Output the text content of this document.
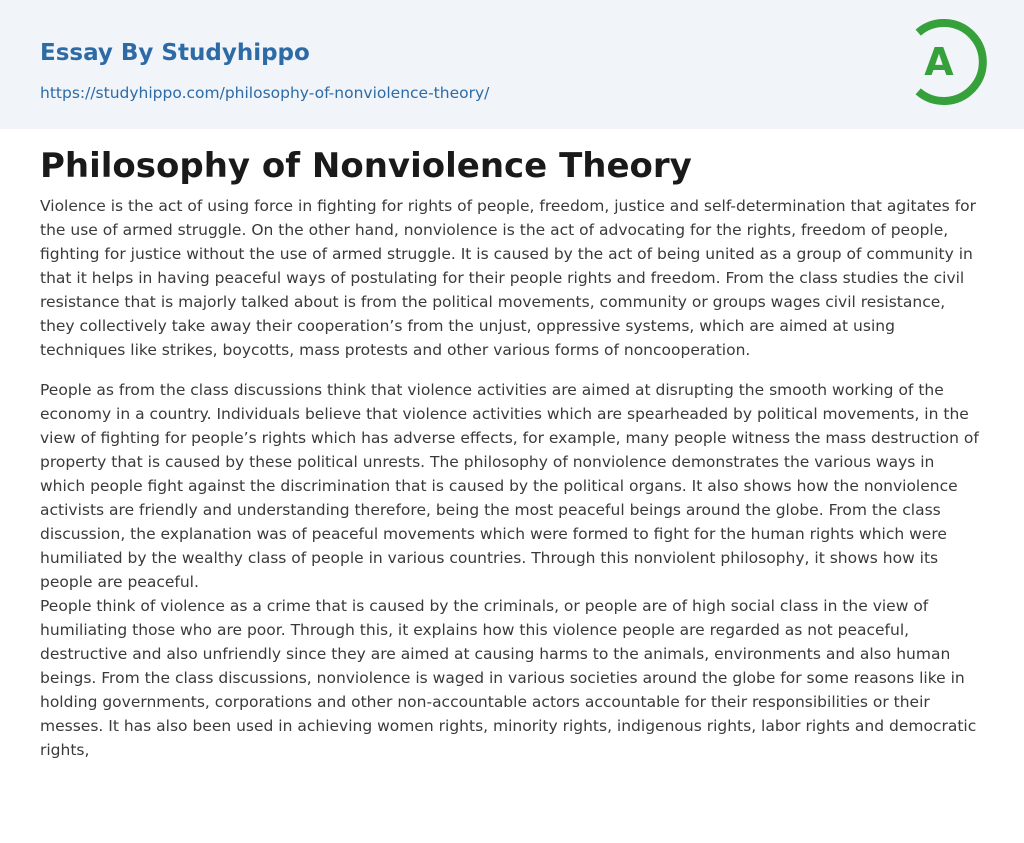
Essay By Studyhippo
https://studyhippo.com/philosophy-of-nonviolence-theory/
A
Philosophy of Nonviolence Theory

Violence is the act of using force in fighting for rights of people, freedom, justice and self-determination that agitates for the use of armed struggle. On the other hand, nonviolence is the act of advocating for the rights, freedom of people, fighting for justice without the use of armed struggle. It is caused by the act of being united as a group of community in that it helps in having peaceful ways of postulating for their people rights and freedom. From the class studies the civil resistance that is majorly talked about is from the political movements, community or groups wages civil resistance, they collectively take away their cooperation’s from the unjust, oppressive systems, which are aimed at using techniques like strikes, boycotts, mass protests and other various forms of noncooperation.

People as from the class discussions think that violence activities are aimed at disrupting the smooth working of the economy in a country. Individuals believe that violence activities which are spearheaded by political movements, in the view of fighting for people’s rights which has adverse effects, for example, many people witness the mass destruction of property that is caused by these political unrests. The philosophy of nonviolence demonstrates the various ways in which people fight against the discrimination that is caused by the political organs. It also shows how the nonviolence activists are friendly and understanding therefore, being the most peaceful beings around the globe. From the class discussion, the explanation was of peaceful movements which were formed to fight for the human rights which were humiliated by the wealthy class of people in various countries. Through this nonviolent philosophy, it shows how its people are peaceful.

People think of violence as a crime that is caused by the criminals, or people are of high social class in the view of humiliating those who are poor. Through this, it explains how this violence people are regarded as not peaceful, destructive and also unfriendly since they are aimed at causing harms to the animals, environments and also human beings. From the class discussions, nonviolence is waged in various societies around the globe for some reasons like in holding governments, corporations and other non-accountable actors accountable for their responsibilities or their messes. It has also been used in achieving women rights, minority rights, indigenous rights, labor rights and democratic rights,
